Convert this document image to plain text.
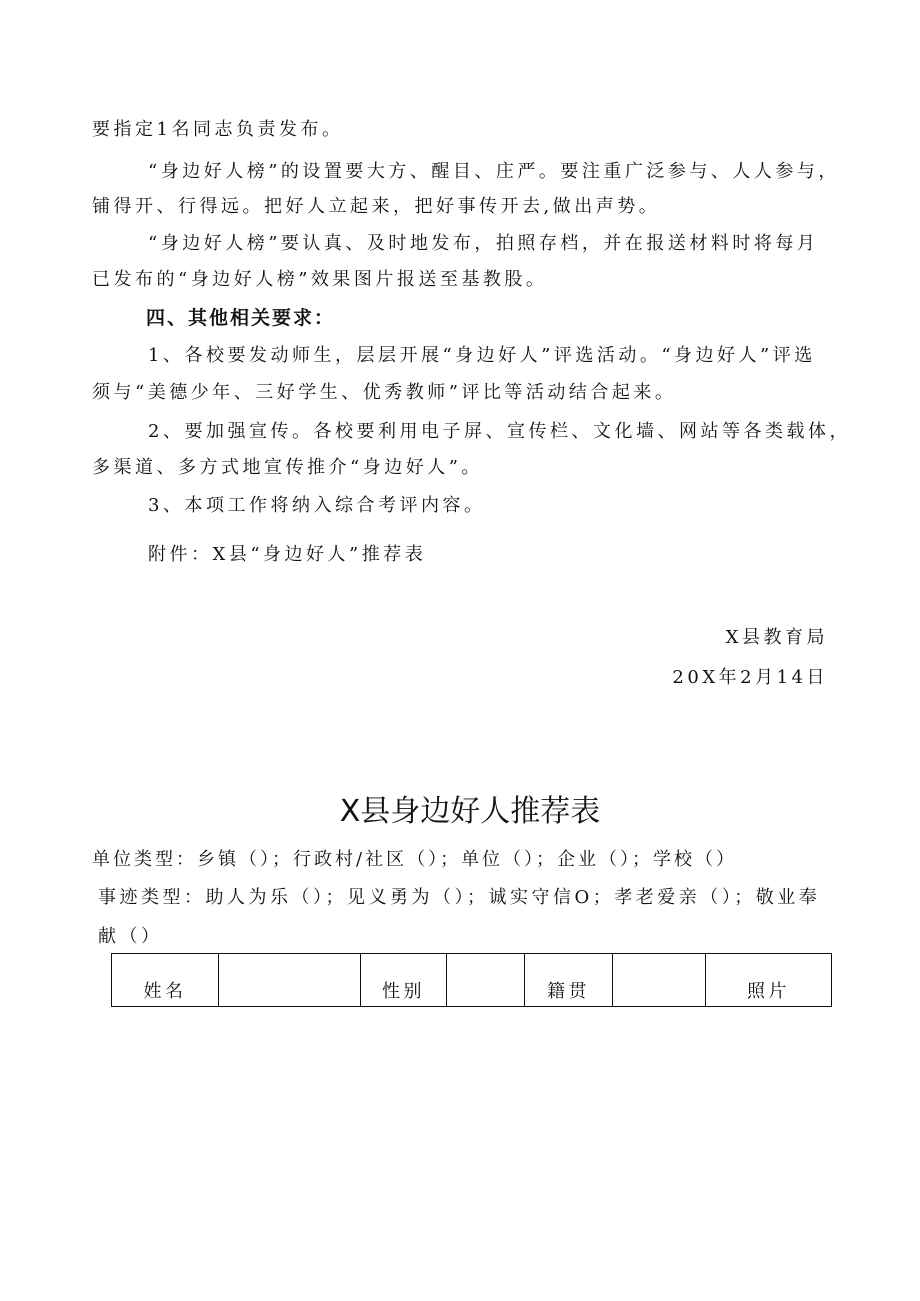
要指定1名同志负责发布。
“身边好人榜”的设置要大方、醒目、庄严。要注重广泛参与、人人参与，
铺得开、行得远。把好人立起来，把好事传开去,做出声势。
“身边好人榜”要认真、及时地发布，拍照存档，并在报送材料时将每月
已发布的“身边好人榜”效果图片报送至基教股。
四、其他相关要求：
1、各校要发动师生，层层开展“身边好人”评选活动。“身边好人”评选
须与“美德少年、三好学生、优秀教师”评比等活动结合起来。
2、要加强宣传。各校要利用电子屏、宣传栏、文化墙、网站等各类载体，
多渠道、多方式地宣传推介“身边好人”。
3、本项工作将纳入综合考评内容。
附件：X县“身边好人”推荐表
X县教育局
20X年2月14日
X县身边好人推荐表
单位类型：乡镇（）；行政村/社区（）；单位（）；企业（）；学校（）
事迹类型：助人为乐（）；见义勇为（）；诚实守信O；孝老爱亲（）；敬业奉
献（）
姓名		性别		籍贯		照片
